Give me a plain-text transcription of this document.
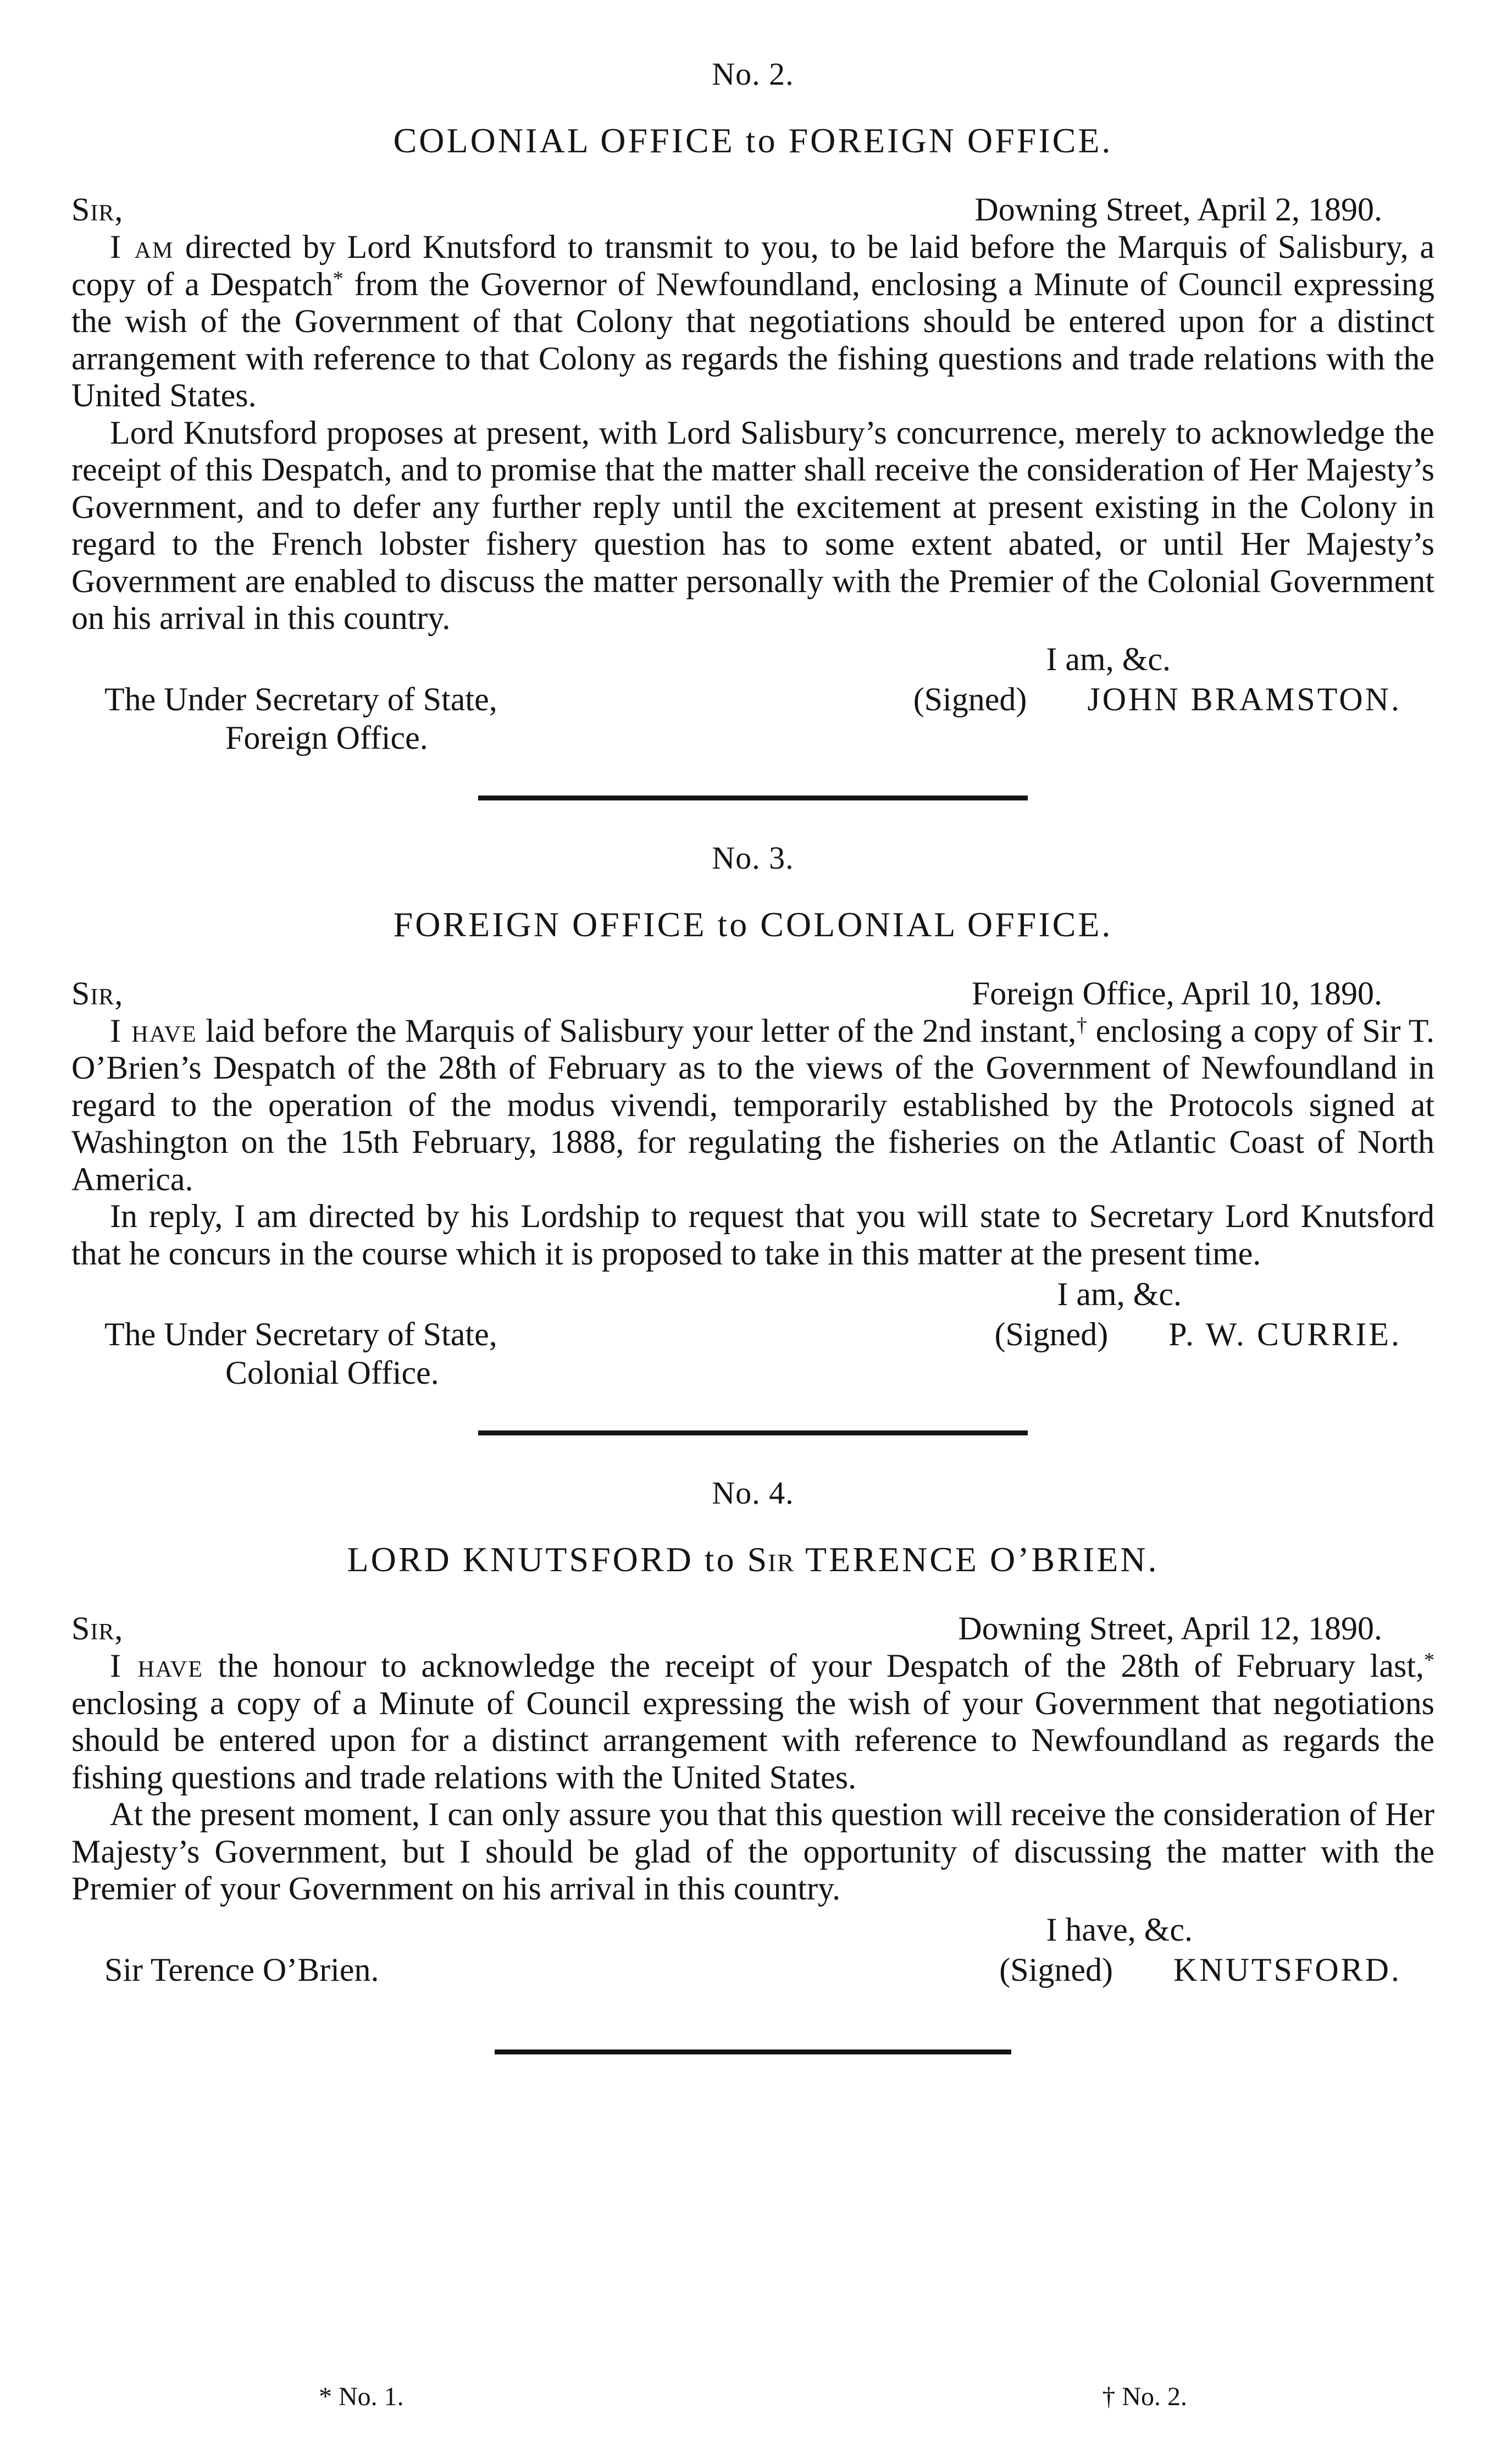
No. 2.
COLONIAL OFFICE to FOREIGN OFFICE.
Sir,	Downing Street, April 2, 1890.

I am directed by Lord Knutsford to transmit to you, to be laid before the Marquis of Salisbury, a copy of a Despatch* from the Governor of Newfoundland, enclosing a Minute of Council expressing the wish of the Government of that Colony that negotiations should be entered upon for a distinct arrangement with reference to that Colony as regards the fishing questions and trade relations with the United States.

Lord Knutsford proposes at present, with Lord Salisbury’s concurrence, merely to acknowledge the receipt of this Despatch, and to promise that the matter shall receive the consideration of Her Majesty’s Government, and to defer any further reply until the excitement at present existing in the Colony in regard to the French lobster fishery question has to some extent abated, or until Her Majesty’s Government are enabled to discuss the matter personally with the Premier of the Colonial Government on his arrival in this country.

I am, &c.
The Under Secretary of State,	(Signed) JOHN BRAMSTON.
Foreign Office.
No. 3.
FOREIGN OFFICE to COLONIAL OFFICE.
Sir,	Foreign Office, April 10, 1890.

I have laid before the Marquis of Salisbury your letter of the 2nd instant,† enclosing a copy of Sir T. O’Brien’s Despatch of the 28th of February as to the views of the Government of Newfoundland in regard to the operation of the modus vivendi, temporarily established by the Protocols signed at Washington on the 15th February, 1888, for regulating the fisheries on the Atlantic Coast of North America.

In reply, I am directed by his Lordship to request that you will state to Secretary Lord Knutsford that he concurs in the course which it is proposed to take in this matter at the present time.

I am, &c.
The Under Secretary of State,	(Signed) P. W. CURRIE.
Colonial Office.
No. 4.
LORD KNUTSFORD to Sir TERENCE O’BRIEN.
Sir,	Downing Street, April 12, 1890.

I have the honour to acknowledge the receipt of your Despatch of the 28th of February last,* enclosing a copy of a Minute of Council expressing the wish of your Government that negotiations should be entered upon for a distinct arrangement with reference to Newfoundland as regards the fishing questions and trade relations with the United States.

At the present moment, I can only assure you that this question will receive the consideration of Her Majesty’s Government, but I should be glad of the opportunity of discussing the matter with the Premier of your Government on his arrival in this country.

I have, &c.
Sir Terence O’Brien.	(Signed) KNUTSFORD.
* No. 1.	† No. 2.
